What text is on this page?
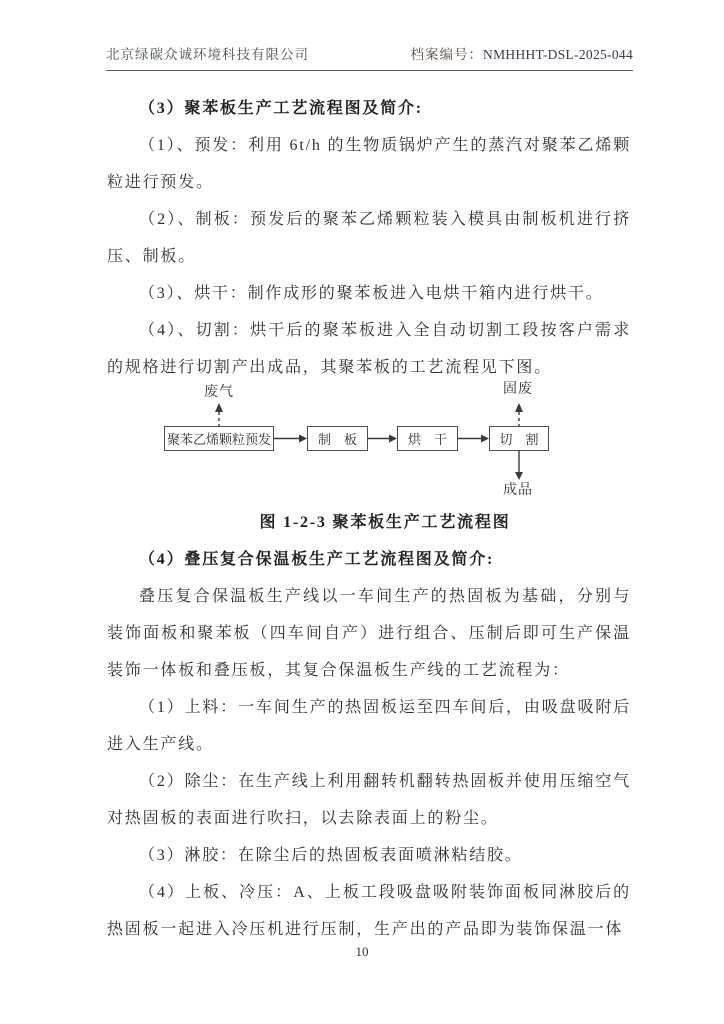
北京绿碳众诚环境科技有限公司	档案编号：NMHHHT-DSL-2025-044

（3）聚苯板生产工艺流程图及简介:

（1）、预发：利用 6t/h 的生物质锅炉产生的蒸汽对聚苯乙烯颗粒进行预发。

（2）、制板：预发后的聚苯乙烯颗粒装入模具由制板机进行挤压、制板。

（3）、烘干：制作成形的聚苯板进入电烘干箱内进行烘干。

（4）、切割：烘干后的聚苯板进入全自动切割工段按客户需求的规格进行切割产出成品，其聚苯板的工艺流程见下图。

废气	固废
成品
聚苯乙烯颗粒预发	制　板	烘　干	切　割

图 1-2-3 聚苯板生产工艺流程图

（4）叠压复合保温板生产工艺流程图及简介:

叠压复合保温板生产线以一车间生产的热固板为基础，分别与装饰面板和聚苯板（四车间自产）进行组合、压制后即可生产保温装饰一体板和叠压板，其复合保温板生产线的工艺流程为：

（1）上料：一车间生产的热固板运至四车间后，由吸盘吸附后进入生产线。

（2）除尘：在生产线上利用翻转机翻转热固板并使用压缩空气对热固板的表面进行吹扫，以去除表面上的粉尘。

（3）淋胶：在除尘后的热固板表面喷淋粘结胶。

（4）上板、冷压：A、上板工段吸盘吸附装饰面板同淋胶后的热固板一起进入冷压机进行压制，生产出的产品即为装饰保温一体

10
